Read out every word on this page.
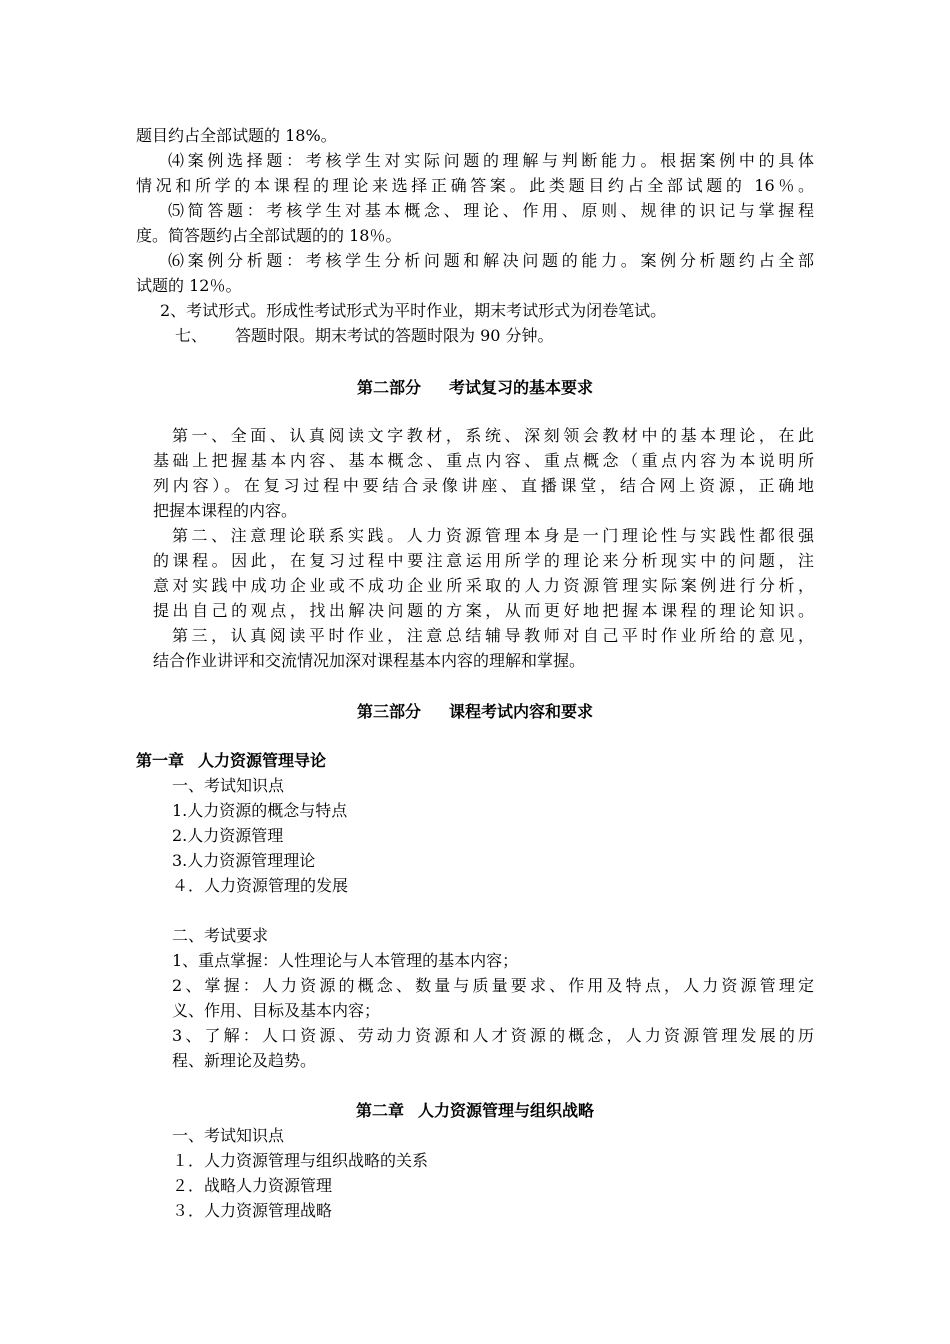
题目约占全部试题的 18%。
⑷案例选择题：考核学生对实际问题的理解与判断能力。根据案例中的具体
情况和所学的本课程的理论来选择正确答案。此类题目约占全部试题的 16％。
⑸简答题：考核学生对基本概念、理论、作用、原则、规律的识记与掌握程
度。简答题约占全部试题的的 18％。
⑹案例分析题：考核学生分析问题和解决问题的能力。案例分析题约占全部
试题的 12％。
2、考试形式。形成性考试形式为平时作业，期末考试形式为闭卷笔试。
七、 答题时限。期末考试的答题时限为 90 分钟。
第二部分 考试复习的基本要求
第一、全面、认真阅读文字教材，系统、深刻领会教材中的基本理论，在此
基础上把握基本内容、基本概念、重点内容、重点概念（重点内容为本说明所
列内容）。在复习过程中要结合录像讲座、直播课堂，结合网上资源，正确地
把握本课程的内容。
第二、注意理论联系实践。人力资源管理本身是一门理论性与实践性都很强
的课程。因此，在复习过程中要注意运用所学的理论来分析现实中的问题，注
意对实践中成功企业或不成功企业所采取的人力资源管理实际案例进行分析，
提出自己的观点，找出解决问题的方案，从而更好地把握本课程的理论知识。
第三，认真阅读平时作业，注意总结辅导教师对自己平时作业所给的意见，
结合作业讲评和交流情况加深对课程基本内容的理解和掌握。
第三部分 课程考试内容和要求
第一章 人力资源管理导论
一、考试知识点
1.人力资源的概念与特点
2.人力资源管理
3.人力资源管理理论
４．人力资源管理的发展
二、考试要求
1、重点掌握：人性理论与人本管理的基本内容；
2、掌握：人力资源的概念、数量与质量要求、作用及特点，人力资源管理定
义、作用、目标及基本内容；
3、了解：人口资源、劳动力资源和人才资源的概念，人力资源管理发展的历
程、新理论及趋势。
第二章 人力资源管理与组织战略
一、考试知识点
１．人力资源管理与组织战略的关系
２．战略人力资源管理
３．人力资源管理战略
